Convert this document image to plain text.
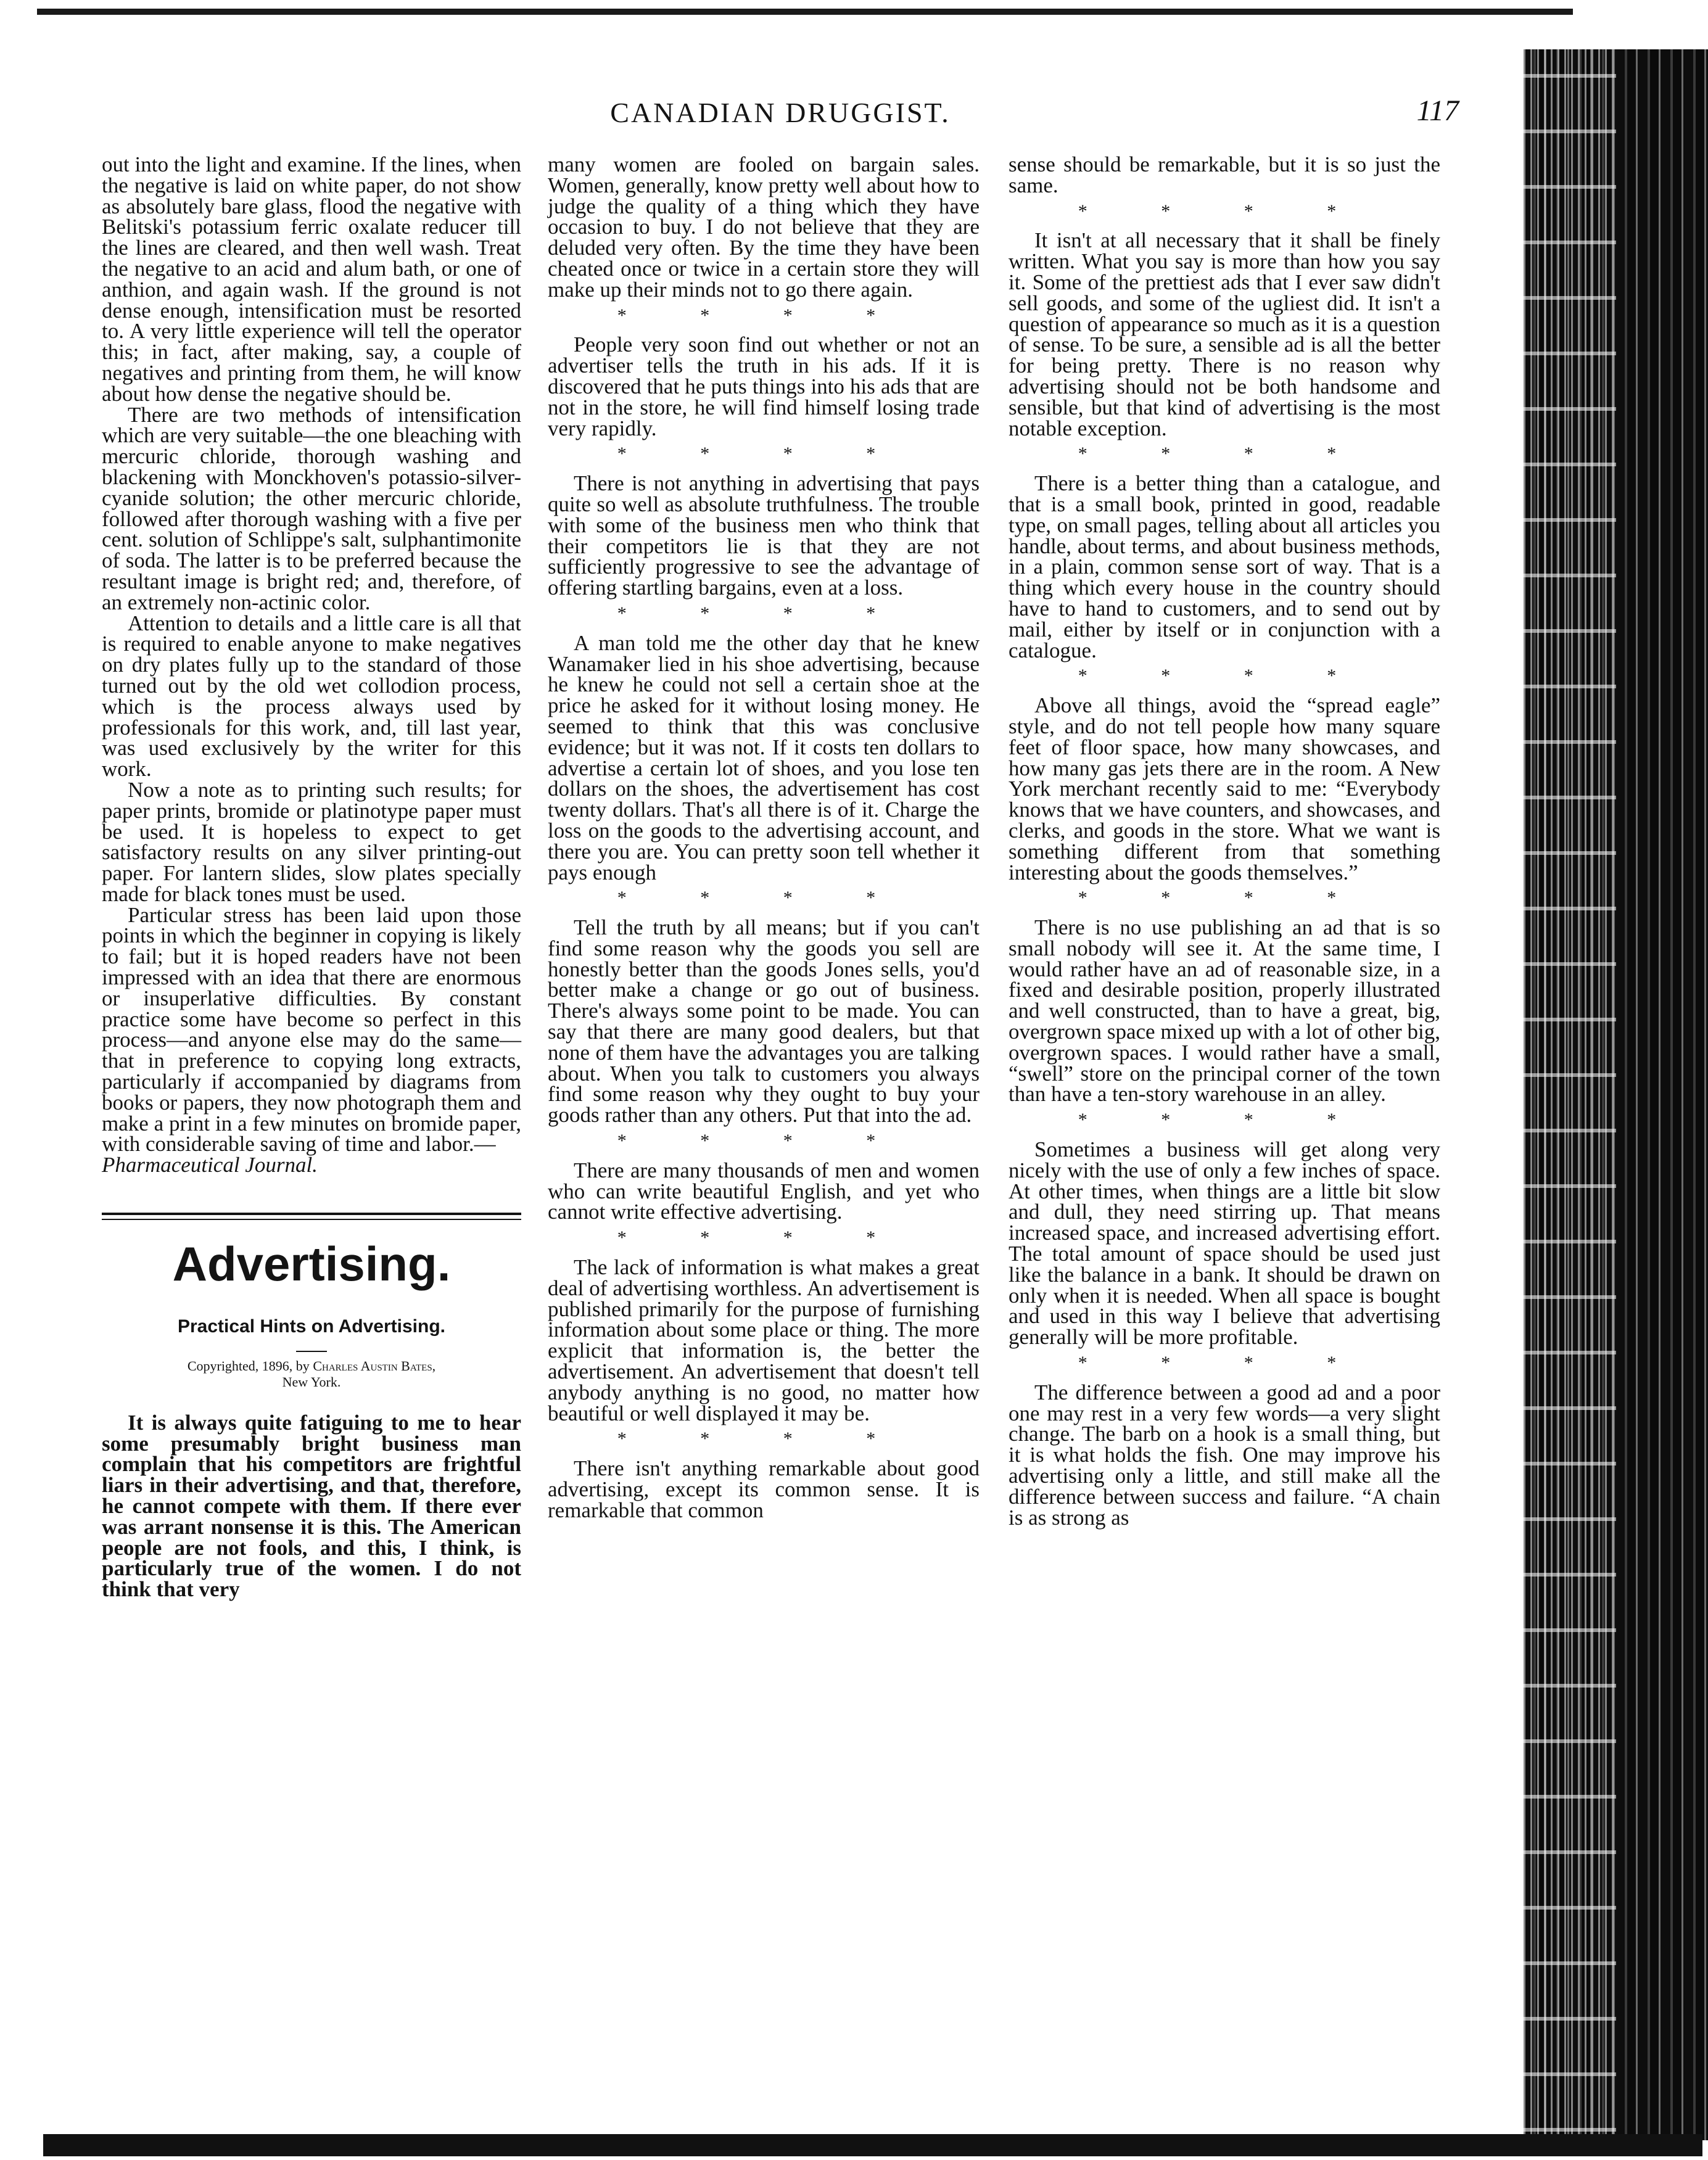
CANADIAN DRUGGIST.	117

out into the light and examine. If the lines, when the negative is laid on white paper, do not show as absolutely bare glass, flood the negative with Belitski's potassium ferric oxalate reducer till the lines are cleared, and then well wash. Treat the negative to an acid and alum bath, or one of anthion, and again wash. If the ground is not dense enough, intensification must be resorted to. A very little experience will tell the operator this; in fact, after making, say, a couple of negatives and printing from them, he will know about how dense the negative should be.

There are two methods of intensification which are very suitable—the one bleaching with mercuric chloride, thorough washing and blackening with Monckhoven's potassio-silver-cyanide solution; the other mercuric chloride, followed after thorough washing with a five per cent. solution of Schlippe's salt, sulphantimonite of soda. The latter is to be preferred because the resultant image is bright red; and, therefore, of an extremely non-actinic color.

Attention to details and a little care is all that is required to enable anyone to make negatives on dry plates fully up to the standard of those turned out by the old wet collodion process, which is the process always used by professionals for this work, and, till last year, was used exclusively by the writer for this work.

Now a note as to printing such results; for paper prints, bromide or platinotype paper must be used. It is hopeless to expect to get satisfactory results on any silver printing-out paper. For lantern slides, slow plates specially made for black tones must be used.

Particular stress has been laid upon those points in which the beginner in copying is likely to fail; but it is hoped readers have not been impressed with an idea that there are enormous or insuperlative difficulties. By constant practice some have become so perfect in this process—and anyone else may do the same—that in preference to copying long extracts, particularly if accompanied by diagrams from books or papers, they now photograph them and make a print in a few minutes on bromide paper, with considerable saving of time and labor.—

Pharmaceutical Journal.

Advertising.
Practical Hints on Advertising.
Copyrighted, 1896, by Charles Austin Bates,
New York.

It is always quite fatiguing to me to hear some presumably bright business man complain that his competitors are frightful liars in their advertising, and that, therefore, he cannot compete with them. If there ever was arrant nonsense it is this. The American people are not fools, and this, I think, is particularly true of the women. I do not think that very

many women are fooled on bargain sales. Women, generally, know pretty well about how to judge the quality of a thing which they have occasion to buy. I do not believe that they are deluded very often. By the time they have been cheated once or twice in a certain store they will make up their minds not to go there again.

* * * *

People very soon find out whether or not an advertiser tells the truth in his ads. If it is discovered that he puts things into his ads that are not in the store, he will find himself losing trade very rapidly.

* * * *

There is not anything in advertising that pays quite so well as absolute truthfulness. The trouble with some of the business men who think that their competitors lie is that they are not sufficiently progressive to see the advantage of offering startling bargains, even at a loss.

* * * *

A man told me the other day that he knew Wanamaker lied in his shoe advertising, because he knew he could not sell a certain shoe at the price he asked for it without losing money. He seemed to think that this was conclusive evidence; but it was not. If it costs ten dollars to advertise a certain lot of shoes, and you lose ten dollars on the shoes, the advertisement has cost twenty dollars. That's all there is of it. Charge the loss on the goods to the advertising account, and there you are. You can pretty soon tell whether it pays enough

* * * *

Tell the truth by all means; but if you can't find some reason why the goods you sell are honestly better than the goods Jones sells, you'd better make a change or go out of business. There's always some point to be made. You can say that there are many good dealers, but that none of them have the advantages you are talking about. When you talk to customers you always find some reason why they ought to buy your goods rather than any others. Put that into the ad.

* * * *

There are many thousands of men and women who can write beautiful English, and yet who cannot write effective advertising.

* * * *

The lack of information is what makes a great deal of advertising worthless. An advertisement is published primarily for the purpose of furnishing information about some place or thing. The more explicit that information is, the better the advertisement. An advertisement that doesn't tell anybody anything is no good, no matter how beautiful or well displayed it may be.

* * * *

There isn't anything remarkable about good advertising, except its common sense. It is remarkable that common

sense should be remarkable, but it is so just the same.

* * * *

It isn't at all necessary that it shall be finely written. What you say is more than how you say it. Some of the prettiest ads that I ever saw didn't sell goods, and some of the ugliest did. It isn't a question of appearance so much as it is a question of sense. To be sure, a sensible ad is all the better for being pretty. There is no reason why advertising should not be both handsome and sensible, but that kind of advertising is the most notable exception.

* * * *

There is a better thing than a catalogue, and that is a small book, printed in good, readable type, on small pages, telling about all articles you handle, about terms, and about business methods, in a plain, common sense sort of way. That is a thing which every house in the country should have to hand to customers, and to send out by mail, either by itself or in conjunction with a catalogue.

* * * *

Above all things, avoid the “spread eagle” style, and do not tell people how many square feet of floor space, how many showcases, and how many gas jets there are in the room. A New York merchant recently said to me: “Everybody knows that we have counters, and showcases, and clerks, and goods in the store. What we want is something different from that something interesting about the goods themselves.”

* * * *

There is no use publishing an ad that is so small nobody will see it. At the same time, I would rather have an ad of reasonable size, in a fixed and desirable position, properly illustrated and well constructed, than to have a great, big, overgrown space mixed up with a lot of other big, overgrown spaces. I would rather have a small, “swell” store on the principal corner of the town than have a ten-story warehouse in an alley.

* * * *

Sometimes a business will get along very nicely with the use of only a few inches of space. At other times, when things are a little bit slow and dull, they need stirring up. That means increased space, and increased advertising effort. The total amount of space should be used just like the balance in a bank. It should be drawn on only when it is needed. When all space is bought and used in this way I believe that advertising generally will be more profitable.

* * * *

The difference between a good ad and a poor one may rest in a very few words—a very slight change. The barb on a hook is a small thing, but it is what holds the fish. One may improve his advertising only a little, and still make all the difference between success and failure. “A chain is as strong as
